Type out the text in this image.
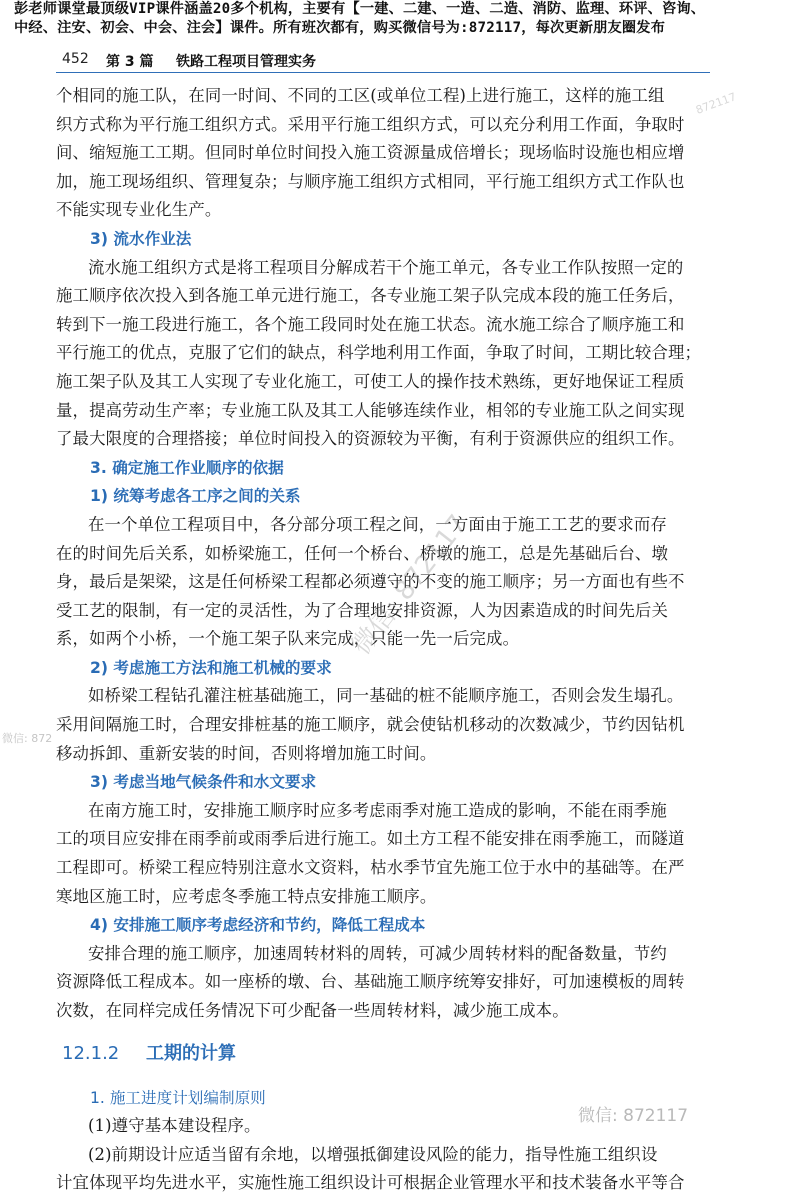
彭老师课堂最顶级VIP课件涵盖20多个机构，主要有【一建、二建、一造、二造、消防、监理、环评、咨询、
中经、注安、初会、中会、注会】课件。所有班次都有，购买微信号为:872117，每次更新朋友圈发布
452 第 3 篇 铁路工程项目管理实务
872117
个相同的施工队，在同一时间、不同的工区(或单位工程)上进行施工，这样的施工组
织方式称为平行施工组织方式。采用平行施工组织方式，可以充分利用工作面，争取时
间、缩短施工工期。但同时单位时间投入施工资源量成倍增长；现场临时设施也相应增
加，施工现场组织、管理复杂；与顺序施工组织方式相同，平行施工组织方式工作队也
不能实现专业化生产。
3) 流水作业法
流水施工组织方式是将工程项目分解成若干个施工单元，各专业工作队按照一定的
施工顺序依次投入到各施工单元进行施工，各专业施工架子队完成本段的施工任务后，
转到下一施工段进行施工，各个施工段同时处在施工状态。流水施工综合了顺序施工和
平行施工的优点，克服了它们的缺点，科学地利用工作面，争取了时间，工期比较合理；
施工架子队及其工人实现了专业化施工，可使工人的操作技术熟练，更好地保证工程质
量，提高劳动生产率；专业施工队及其工人能够连续作业，相邻的专业施工队之间实现
了最大限度的合理搭接；单位时间投入的资源较为平衡，有利于资源供应的组织工作。
3. 确定施工作业顺序的依据
1) 统筹考虑各工序之间的关系
在一个单位工程项目中，各分部分项工程之间，一方面由于施工工艺的要求而存
在的时间先后关系，如桥梁施工，任何一个桥台、桥墩的施工，总是先基础后台、墩
身，最后是架梁，这是任何桥梁工程都必须遵守的不变的施工顺序；另一方面也有些不
受工艺的限制，有一定的灵活性，为了合理地安排资源，人为因素造成的时间先后关
系，如两个小桥，一个施工架子队来完成，只能一先一后完成。
2) 考虑施工方法和施工机械的要求
如桥梁工程钻孔灌注桩基础施工，同一基础的桩不能顺序施工，否则会发生塌孔。
采用间隔施工时，合理安排桩基的施工顺序，就会使钻机移动的次数减少，节约因钻机
移动拆卸、重新安装的时间，否则将增加施工时间。
3) 考虑当地气候条件和水文要求
在南方施工时，安排施工顺序时应多考虑雨季对施工造成的影响，不能在雨季施
工的项目应安排在雨季前或雨季后进行施工。如土方工程不能安排在雨季施工，而隧道
工程即可。桥梁工程应特别注意水文资料，枯水季节宜先施工位于水中的基础等。在严
寒地区施工时，应考虑冬季施工特点安排施工顺序。
4) 安排施工顺序考虑经济和节约，降低工程成本
安排合理的施工顺序，加速周转材料的周转，可减少周转材料的配备数量，节约
资源降低工程成本。如一座桥的墩、台、基础施工顺序统筹安排好，可加速模板的周转
次数，在同样完成任务情况下可少配备一些周转材料，减少施工成本。
12.1.2 工期的计算
1. 施工进度计划编制原则
(1)遵守基本建设程序。
(2)前期设计应适当留有余地，以增强抵御建设风险的能力，指导性施工组织设
计宜体现平均先进水平，实施性施工组织设计可根据企业管理水平和技术装备水平等合
微信: 872117
微信: 872
微信: 872117
